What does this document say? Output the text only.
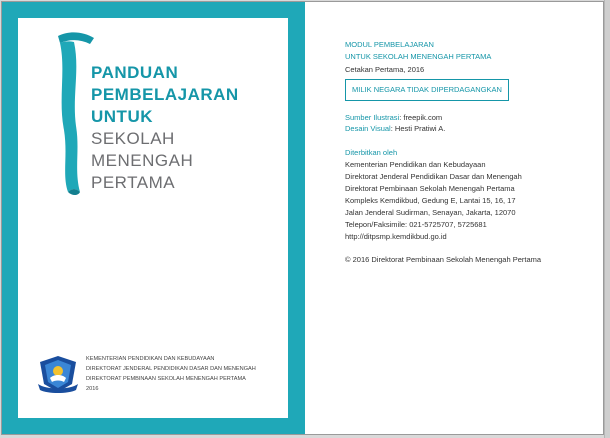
PANDUAN
PEMBELAJARAN
UNTUK
SEKOLAH
MENENGAH
PERTAMA
KEMENTERIAN PENDIDIKAN DAN KEBUDAYAAN
DIREKTORAT JENDERAL PENDIDIKAN DASAR DAN MENENGAH
DIREKTORAT PEMBINAAN SEKOLAH MENENGAH PERTAMA
2016
MODUL PEMBELAJARAN
UNTUK SEKOLAH MENENGAH PERTAMA
Cetakan Pertama, 2016
MILIK NEGARA TIDAK DIPERDAGANGKAN
Sumber Ilustrasi: freepik.com
Desain Visual: Hesti Pratiwi A.
Diterbitkan oleh
Kementerian Pendidikan dan Kebudayaan
Direktorat Jenderal Pendidikan Dasar dan Menengah
Direktorat Pembinaan Sekolah Menengah Pertama
Kompleks Kemdikbud, Gedung E, Lantai 15, 16, 17
Jalan Jenderal Sudirman, Senayan, Jakarta, 12070
Telepon/Faksimile: 021-5725707, 5725681
http://ditpsmp.kemdikbud.go.id
© 2016 Direktorat Pembinaan Sekolah Menengah Pertama
